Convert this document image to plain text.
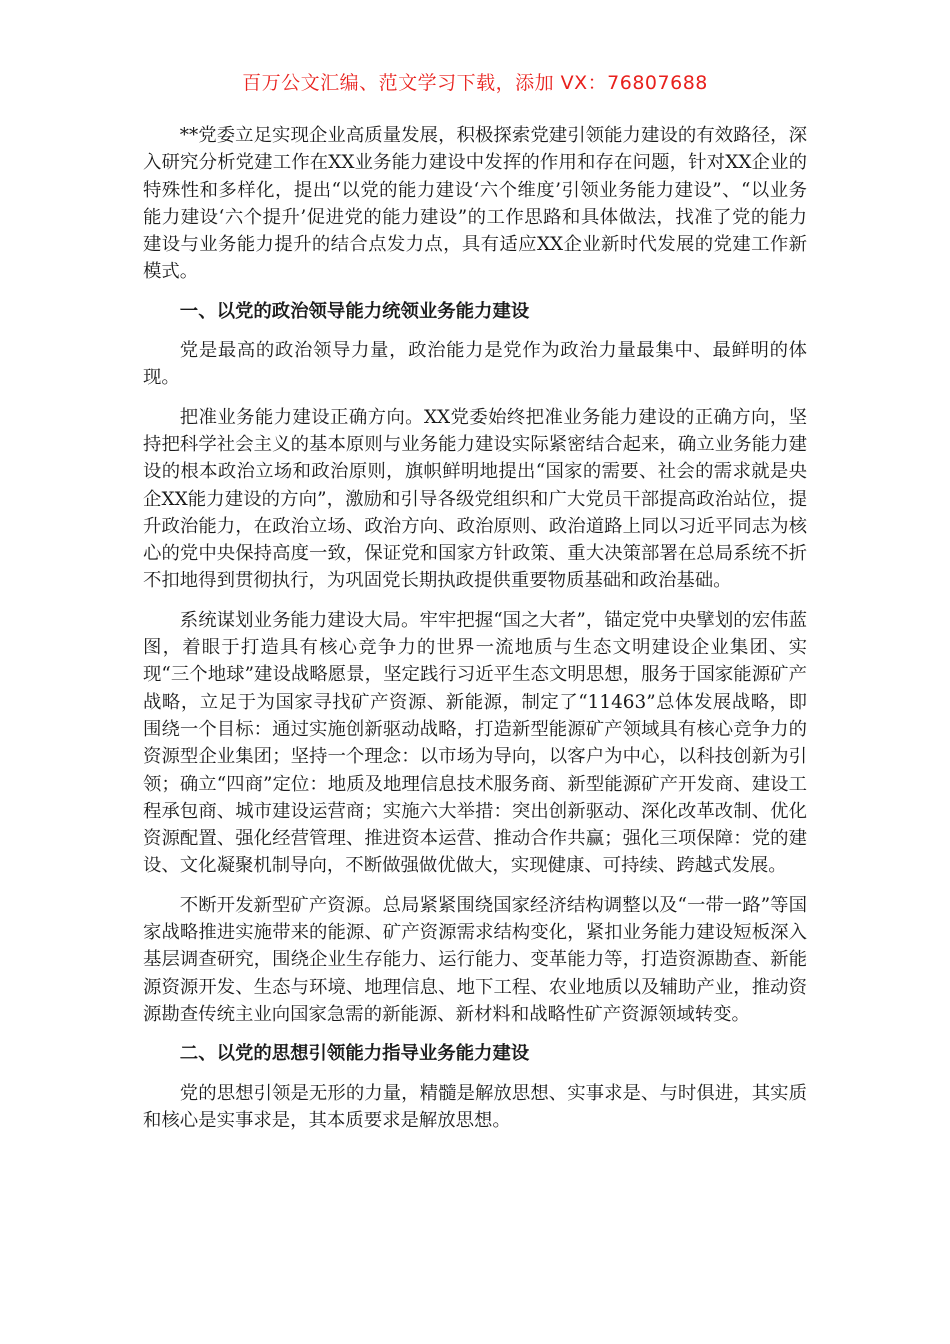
百万公文汇编、范文学习下载，添加 VX：76807688

**党委立足实现企业高质量发展，积极探索党建引领能力建设的有效路径，深入研究分析党建工作在XX业务能力建设中发挥的作用和存在问题，针对XX企业的特殊性和多样化，提出“以党的能力建设‘六个维度’引领业务能力建设”、“以业务能力建设‘六个提升’促进党的能力建设”的工作思路和具体做法，找准了党的能力建设与业务能力提升的结合点发力点，具有适应XX企业新时代发展的党建工作新模式。

一、以党的政治领导能力统领业务能力建设

党是最高的政治领导力量，政治能力是党作为政治力量最集中、最鲜明的体现。

把准业务能力建设正确方向。XX党委始终把准业务能力建设的正确方向，坚持把科学社会主义的基本原则与业务能力建设实际紧密结合起来，确立业务能力建设的根本政治立场和政治原则，旗帜鲜明地提出“国家的需要、社会的需求就是央企XX能力建设的方向”，激励和引导各级党组织和广大党员干部提高政治站位，提升政治能力，在政治立场、政治方向、政治原则、政治道路上同以习近平同志为核心的党中央保持高度一致，保证党和国家方针政策、重大决策部署在总局系统不折不扣地得到贯彻执行，为巩固党长期执政提供重要物质基础和政治基础。

系统谋划业务能力建设大局。牢牢把握“国之大者”，锚定党中央擘划的宏伟蓝图，着眼于打造具有核心竞争力的世界一流地质与生态文明建设企业集团、实现“三个地球”建设战略愿景，坚定践行习近平生态文明思想，服务于国家能源矿产战略，立足于为国家寻找矿产资源、新能源，制定了“11463”总体发展战略，即围绕一个目标：通过实施创新驱动战略，打造新型能源矿产领域具有核心竞争力的资源型企业集团；坚持一个理念：以市场为导向，以客户为中心，以科技创新为引领；确立“四商”定位：地质及地理信息技术服务商、新型能源矿产开发商、建设工程承包商、城市建设运营商；实施六大举措：突出创新驱动、深化改革改制、优化资源配置、强化经营管理、推进资本运营、推动合作共赢；强化三项保障：党的建设、文化凝聚机制导向，不断做强做优做大，实现健康、可持续、跨越式发展。

不断开发新型矿产资源。总局紧紧围绕国家经济结构调整以及“一带一路”等国家战略推进实施带来的能源、矿产资源需求结构变化，紧扣业务能力建设短板深入基层调查研究，围绕企业生存能力、运行能力、变革能力等，打造资源勘查、新能源资源开发、生态与环境、地理信息、地下工程、农业地质以及辅助产业，推动资源勘查传统主业向国家急需的新能源、新材料和战略性矿产资源领域转变。

二、以党的思想引领能力指导业务能力建设

党的思想引领是无形的力量，精髓是解放思想、实事求是、与时俱进，其实质和核心是实事求是，其本质要求是解放思想。
